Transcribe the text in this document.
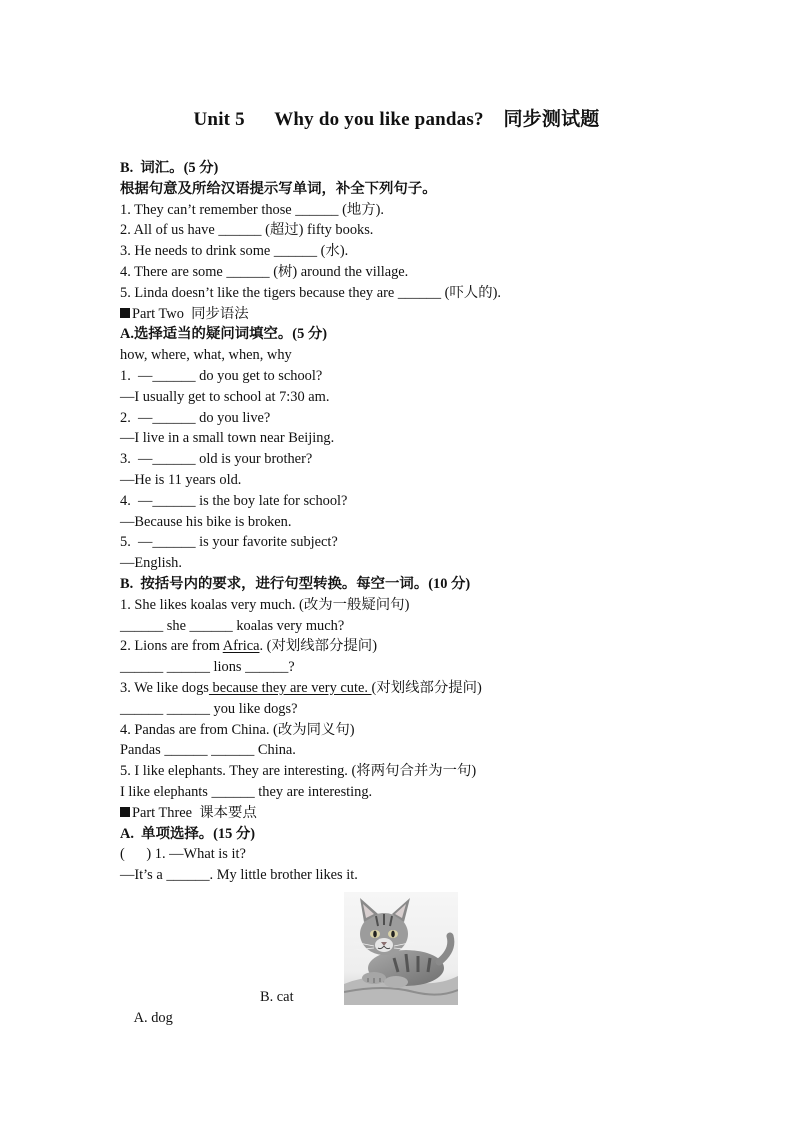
Unit 5      Why do you like pandas?    同步测试题
B.  词汇。(5 分)
根据句意及所给汉语提示写单词，补全下列句子。
1. They can’t remember those ______ (地方).
2. All of us have ______ (超过) fifty books.
3. He needs to drink some ______ (水).
4. There are some ______ (树) around the village.
5. Linda doesn’t like the tigers because they are ______ (吓人的).
Part Two  同步语法
A.选择适当的疑问词填空。(5 分)
how, where, what, when, why
1.  —______ do you get to school?
—I usually get to school at 7:30 am.
2.  —______ do you live?
—I live in a small town near Beijing.
3.  —______ old is your brother?
—He is 11 years old.
4.  —______ is the boy late for school?
—Because his bike is broken.
5.  —______ is your favorite subject?
—English.
B.  按括号内的要求，进行句型转换。每空一词。(10 分)
1. She likes koalas very much. (改为一般疑问句)
______ she ______ koalas very much?
2. Lions are from Africa. (对划线部分提问)
______ ______ lions ______?
3. We like dogs because they are very cute. (对划线部分提问)
______ ______ you like dogs?
4. Pandas are from China. (改为同义句)
Pandas ______ ______ China.
5. I like elephants. They are interesting. (将两句合并为一句)
I like elephants ______ they are interesting.
Part Three  课本要点
A.  单项选择。(15 分)
(      ) 1. —What is it?
—It’s a ______. My little brother likes it.

A. dog

B. cat
